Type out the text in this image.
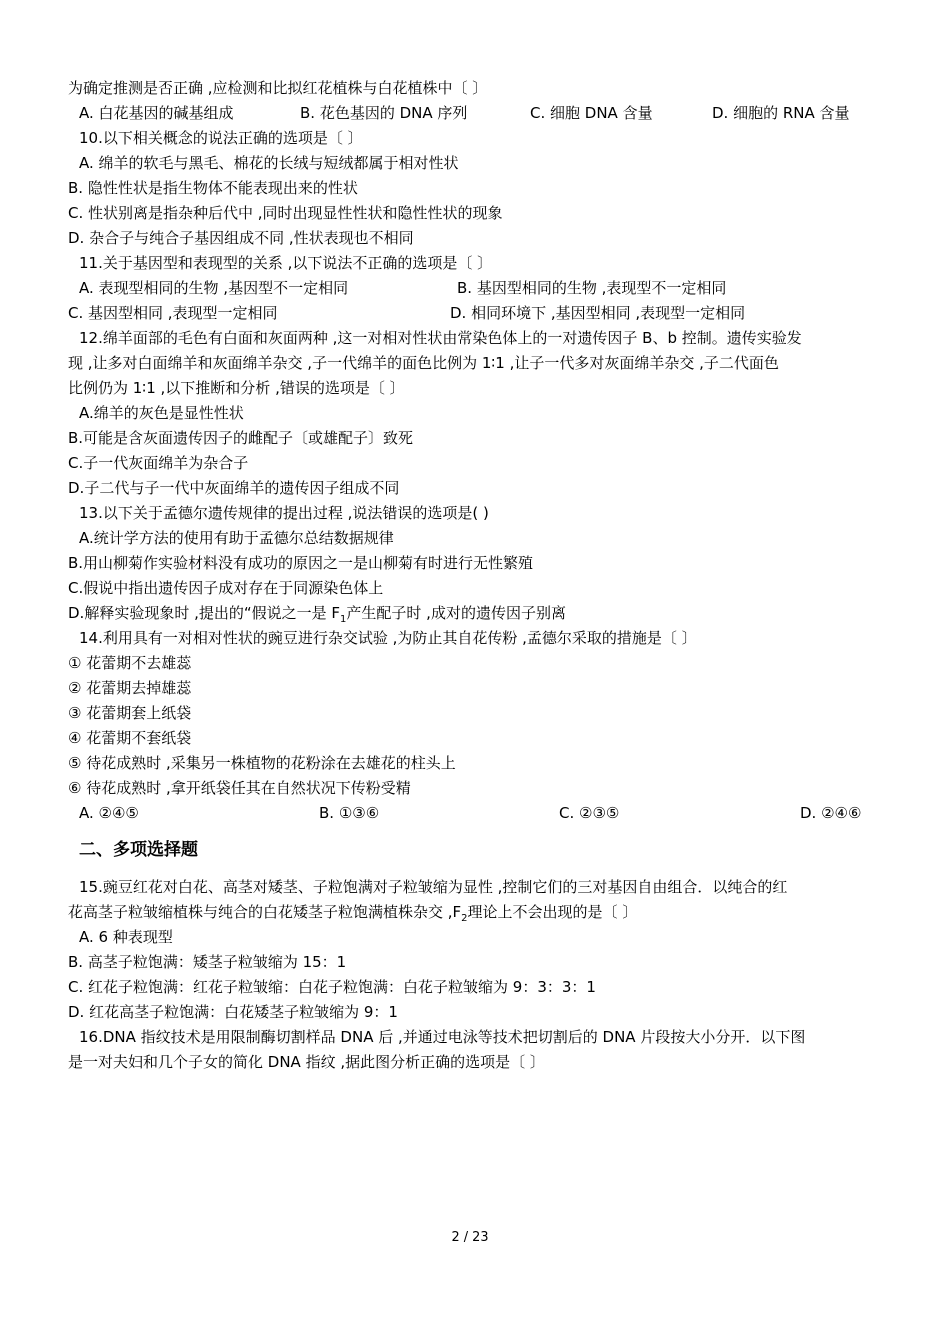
为确定推测是否正确 ,应检测和比拟红花植株与白花植株中〔 〕
A. 白花基因的碱基组成	B. 花色基因的 DNA 序列	C. 细胞 DNA 含量	D. 细胞的 RNA 含量
10.以下相关概念的说法正确的选项是〔 〕
A. 绵羊的软毛与黑毛、棉花的长绒与短绒都属于相对性状
B. 隐性性状是指生物体不能表现出来的性状
C. 性状别离是指杂种后代中 ,同时出现显性性状和隐性性状的现象
D. 杂合子与纯合子基因组成不同 ,性状表现也不相同
11.关于基因型和表现型的关系 ,以下说法不正确的选项是〔 〕
A. 表现型相同的生物 ,基因型不一定相同	B. 基因型相同的生物 ,表现型不一定相同
C. 基因型相同 ,表现型一定相同	D. 相同环境下 ,基因型相同 ,表现型一定相同
12.绵羊面部的毛色有白面和灰面两种 ,这一对相对性状由常染色体上的一对遗传因子 B、b 控制。遗传实验发
现 ,让多对白面绵羊和灰面绵羊杂交 ,子一代绵羊的面色比例为 1∶1 ,让子一代多对灰面绵羊杂交 ,子二代面色
比例仍为 1∶1 ,以下推断和分析 ,错误的选项是〔 〕
A.绵羊的灰色是显性性状
B.可能是含灰面遗传因子的雌配子〔或雄配子〕致死
C.子一代灰面绵羊为杂合子
D.子二代与子一代中灰面绵羊的遗传因子组成不同
13.以下关于孟德尔遗传规律的提出过程 ,说法错误的选项是( )
A.统计学方法的使用有助于孟德尔总结数据规律
B.用山柳菊作实验材料没有成功的原因之一是山柳菊有时进行无性繁殖
C.假说中指出遗传因子成对存在于同源染色体上
D.解释实验现象时 ,提出的“假说之一是 $F_1$产生配子时 ,成对的遗传因子别离
14.利用具有一对相对性状的豌豆进行杂交试验 ,为防止其自花传粉 ,孟德尔采取的措施是〔 〕
① 花蕾期不去雄蕊
② 花蕾期去掉雄蕊
③ 花蕾期套上纸袋
④ 花蕾期不套纸袋
⑤ 待花成熟时 ,采集另一株植物的花粉涂在去雄花的柱头上
⑥ 待花成熟时 ,拿开纸袋任其在自然状况下传粉受精
A. ②④⑤	B. ①③⑥	C. ②③⑤	D. ②④⑥
二、多项选择题
15.豌豆红花对白花、高茎对矮茎、子粒饱满对子粒皱缩为显性 ,控制它们的三对基因自由组合．以纯合的红
花高茎子粒皱缩植株与纯合的白花矮茎子粒饱满植株杂交 $,F_2$理论上不会出现的是〔 〕
A. 6 种表现型
B. 高茎子粒饱满：矮茎子粒皱缩为 15：1
C. 红花子粒饱满：红花子粒皱缩：白花子粒饱满：白花子粒皱缩为 9：3：3：1
D. 红花高茎子粒饱满：白花矮茎子粒皱缩为 9：1
16.DNA 指纹技术是用限制酶切割样品 DNA 后 ,并通过电泳等技术把切割后的 DNA 片段按大小分开．以下图
是一对夫妇和几个子女的简化 DNA 指纹 ,据此图分析正确的选项是〔 〕
2 / 23
